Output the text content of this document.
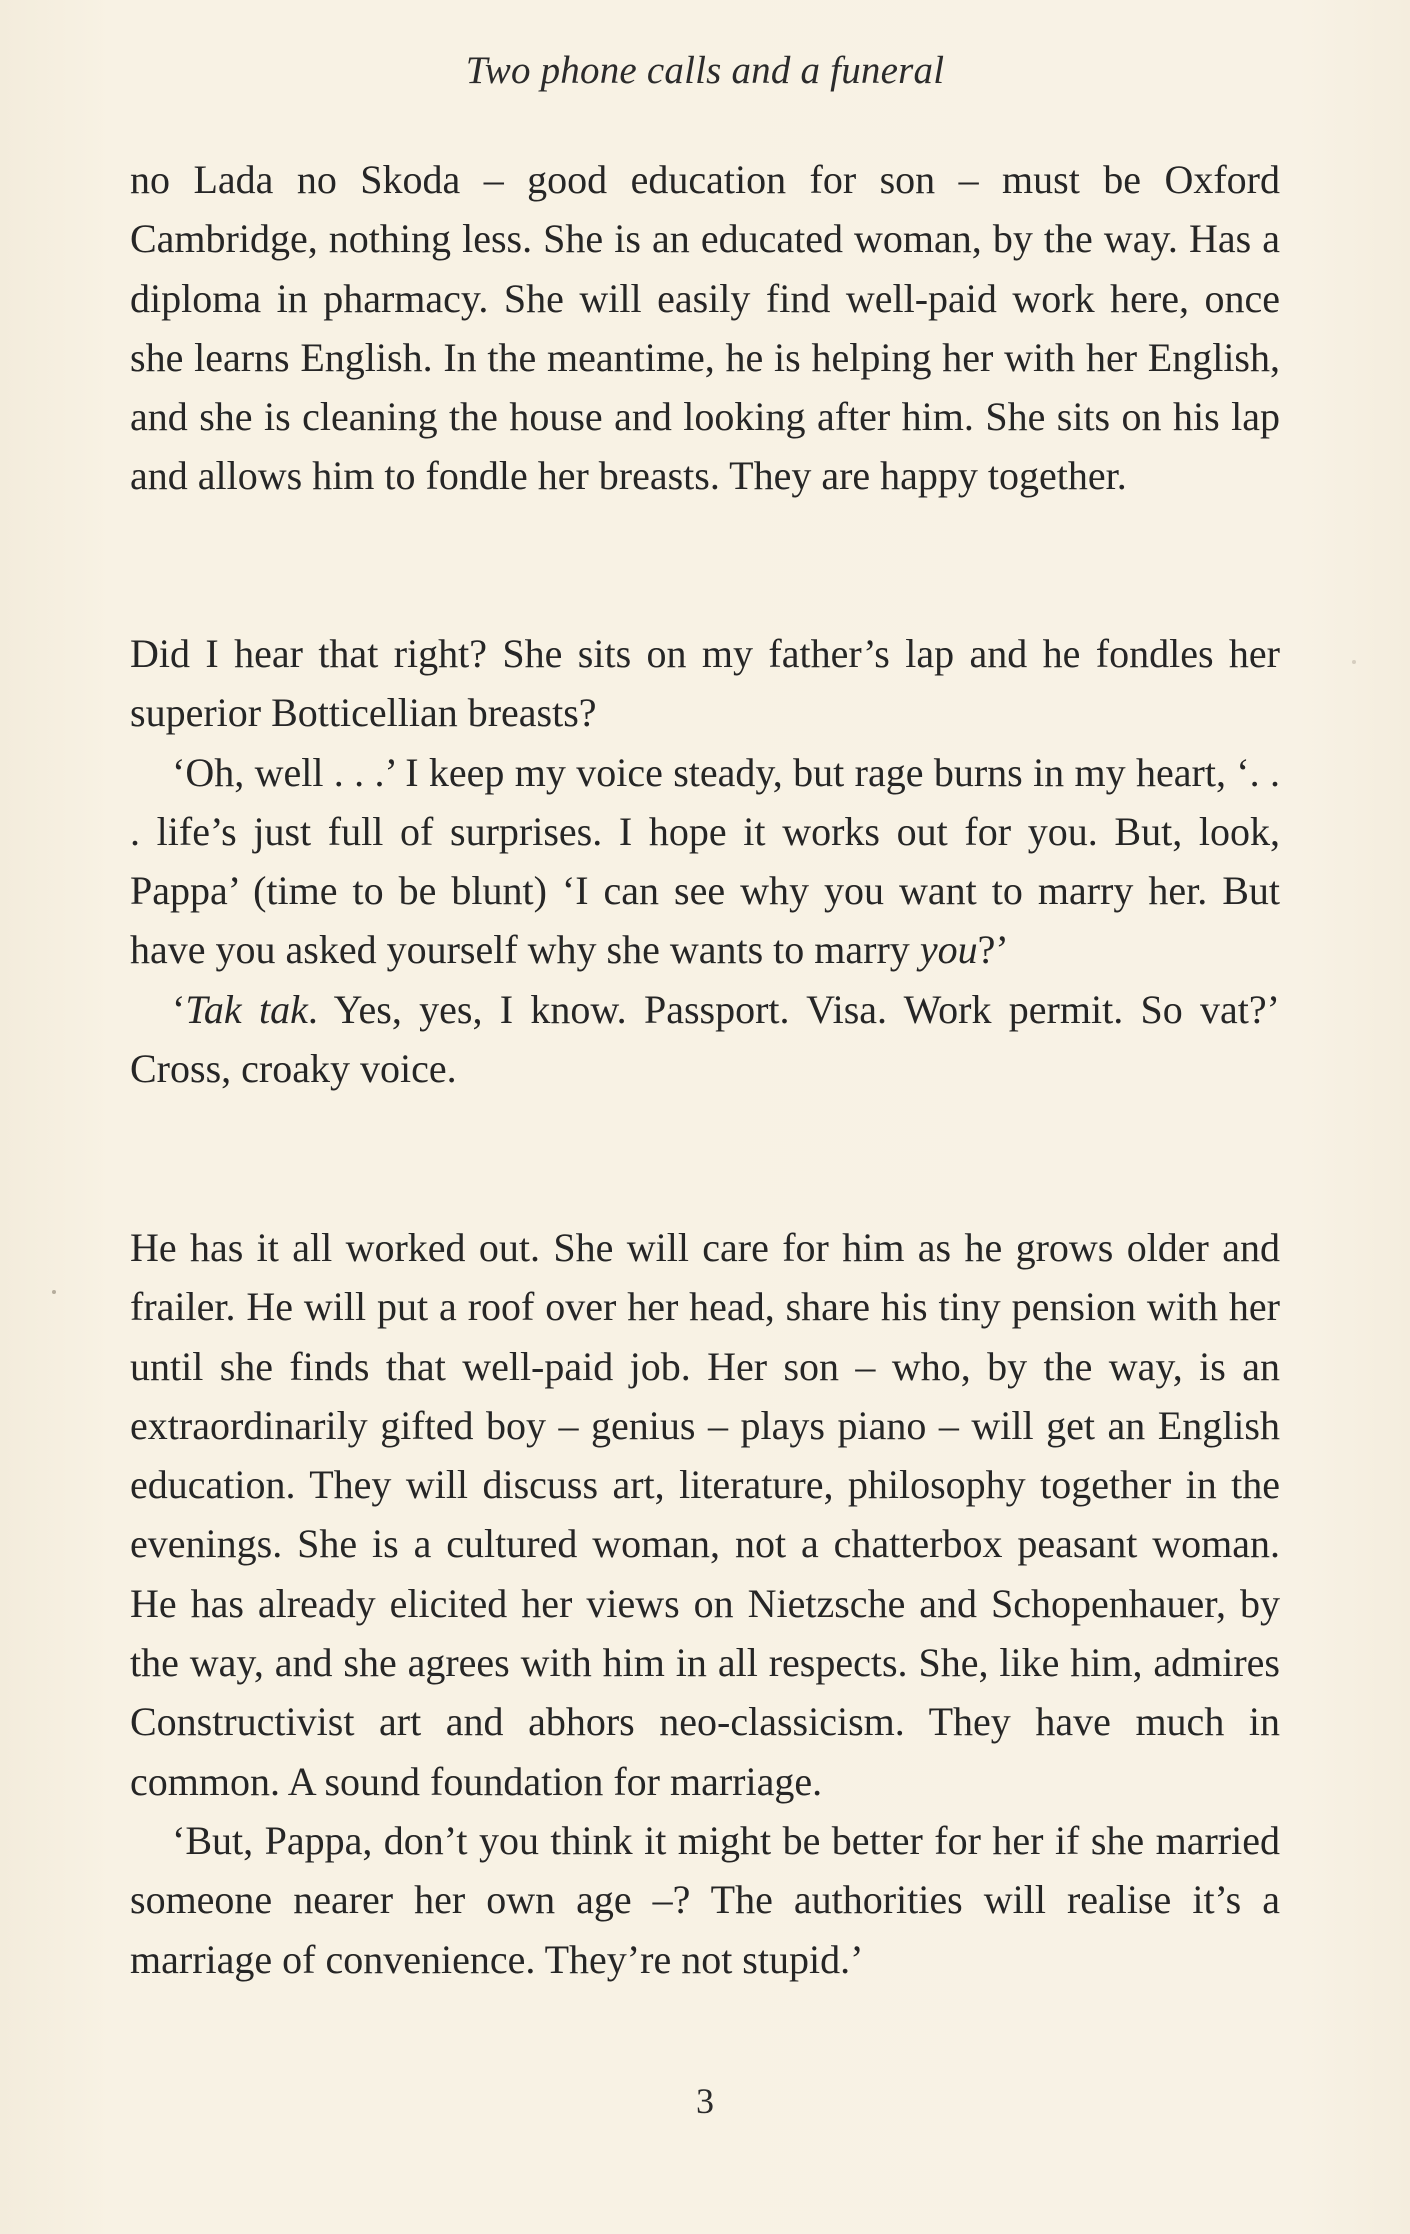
Two phone calls and a funeral

no Lada no Skoda – good education for son – must be Oxford Cambridge, nothing less. She is an educated woman, by the way. Has a diploma in pharmacy. She will easily find well-paid work here, once she learns English. In the meantime, he is helping her with her English, and she is cleaning the house and looking after him. She sits on his lap and allows him to fondle her breasts. They are happy together.

Did I hear that right? She sits on my father’s lap and he fondles her superior Botticellian breasts?

‘Oh, well . . .’ I keep my voice steady, but rage burns in my heart, ‘. . . life’s just full of surprises. I hope it works out for you. But, look, Pappa’ (time to be blunt) ‘I can see why you want to marry her. But have you asked yourself why she wants to marry you?’

‘Tak tak. Yes, yes, I know. Passport. Visa. Work permit. So vat?’ Cross, croaky voice.

He has it all worked out. She will care for him as he grows older and frailer. He will put a roof over her head, share his tiny pension with her until she finds that well-paid job. Her son – who, by the way, is an extraordinarily gifted boy – genius – plays piano – will get an English education. They will discuss art, literature, philosophy together in the evenings. She is a cultured woman, not a chatterbox peasant woman. He has already elicited her views on Nietzsche and Schopenhauer, by the way, and she agrees with him in all respects. She, like him, admires Constructivist art and abhors neo-classicism. They have much in common. A sound foundation for marriage.

‘But, Pappa, don’t you think it might be better for her if she married someone nearer her own age –? The authorities will realise it’s a marriage of convenience. They’re not stupid.’

3
